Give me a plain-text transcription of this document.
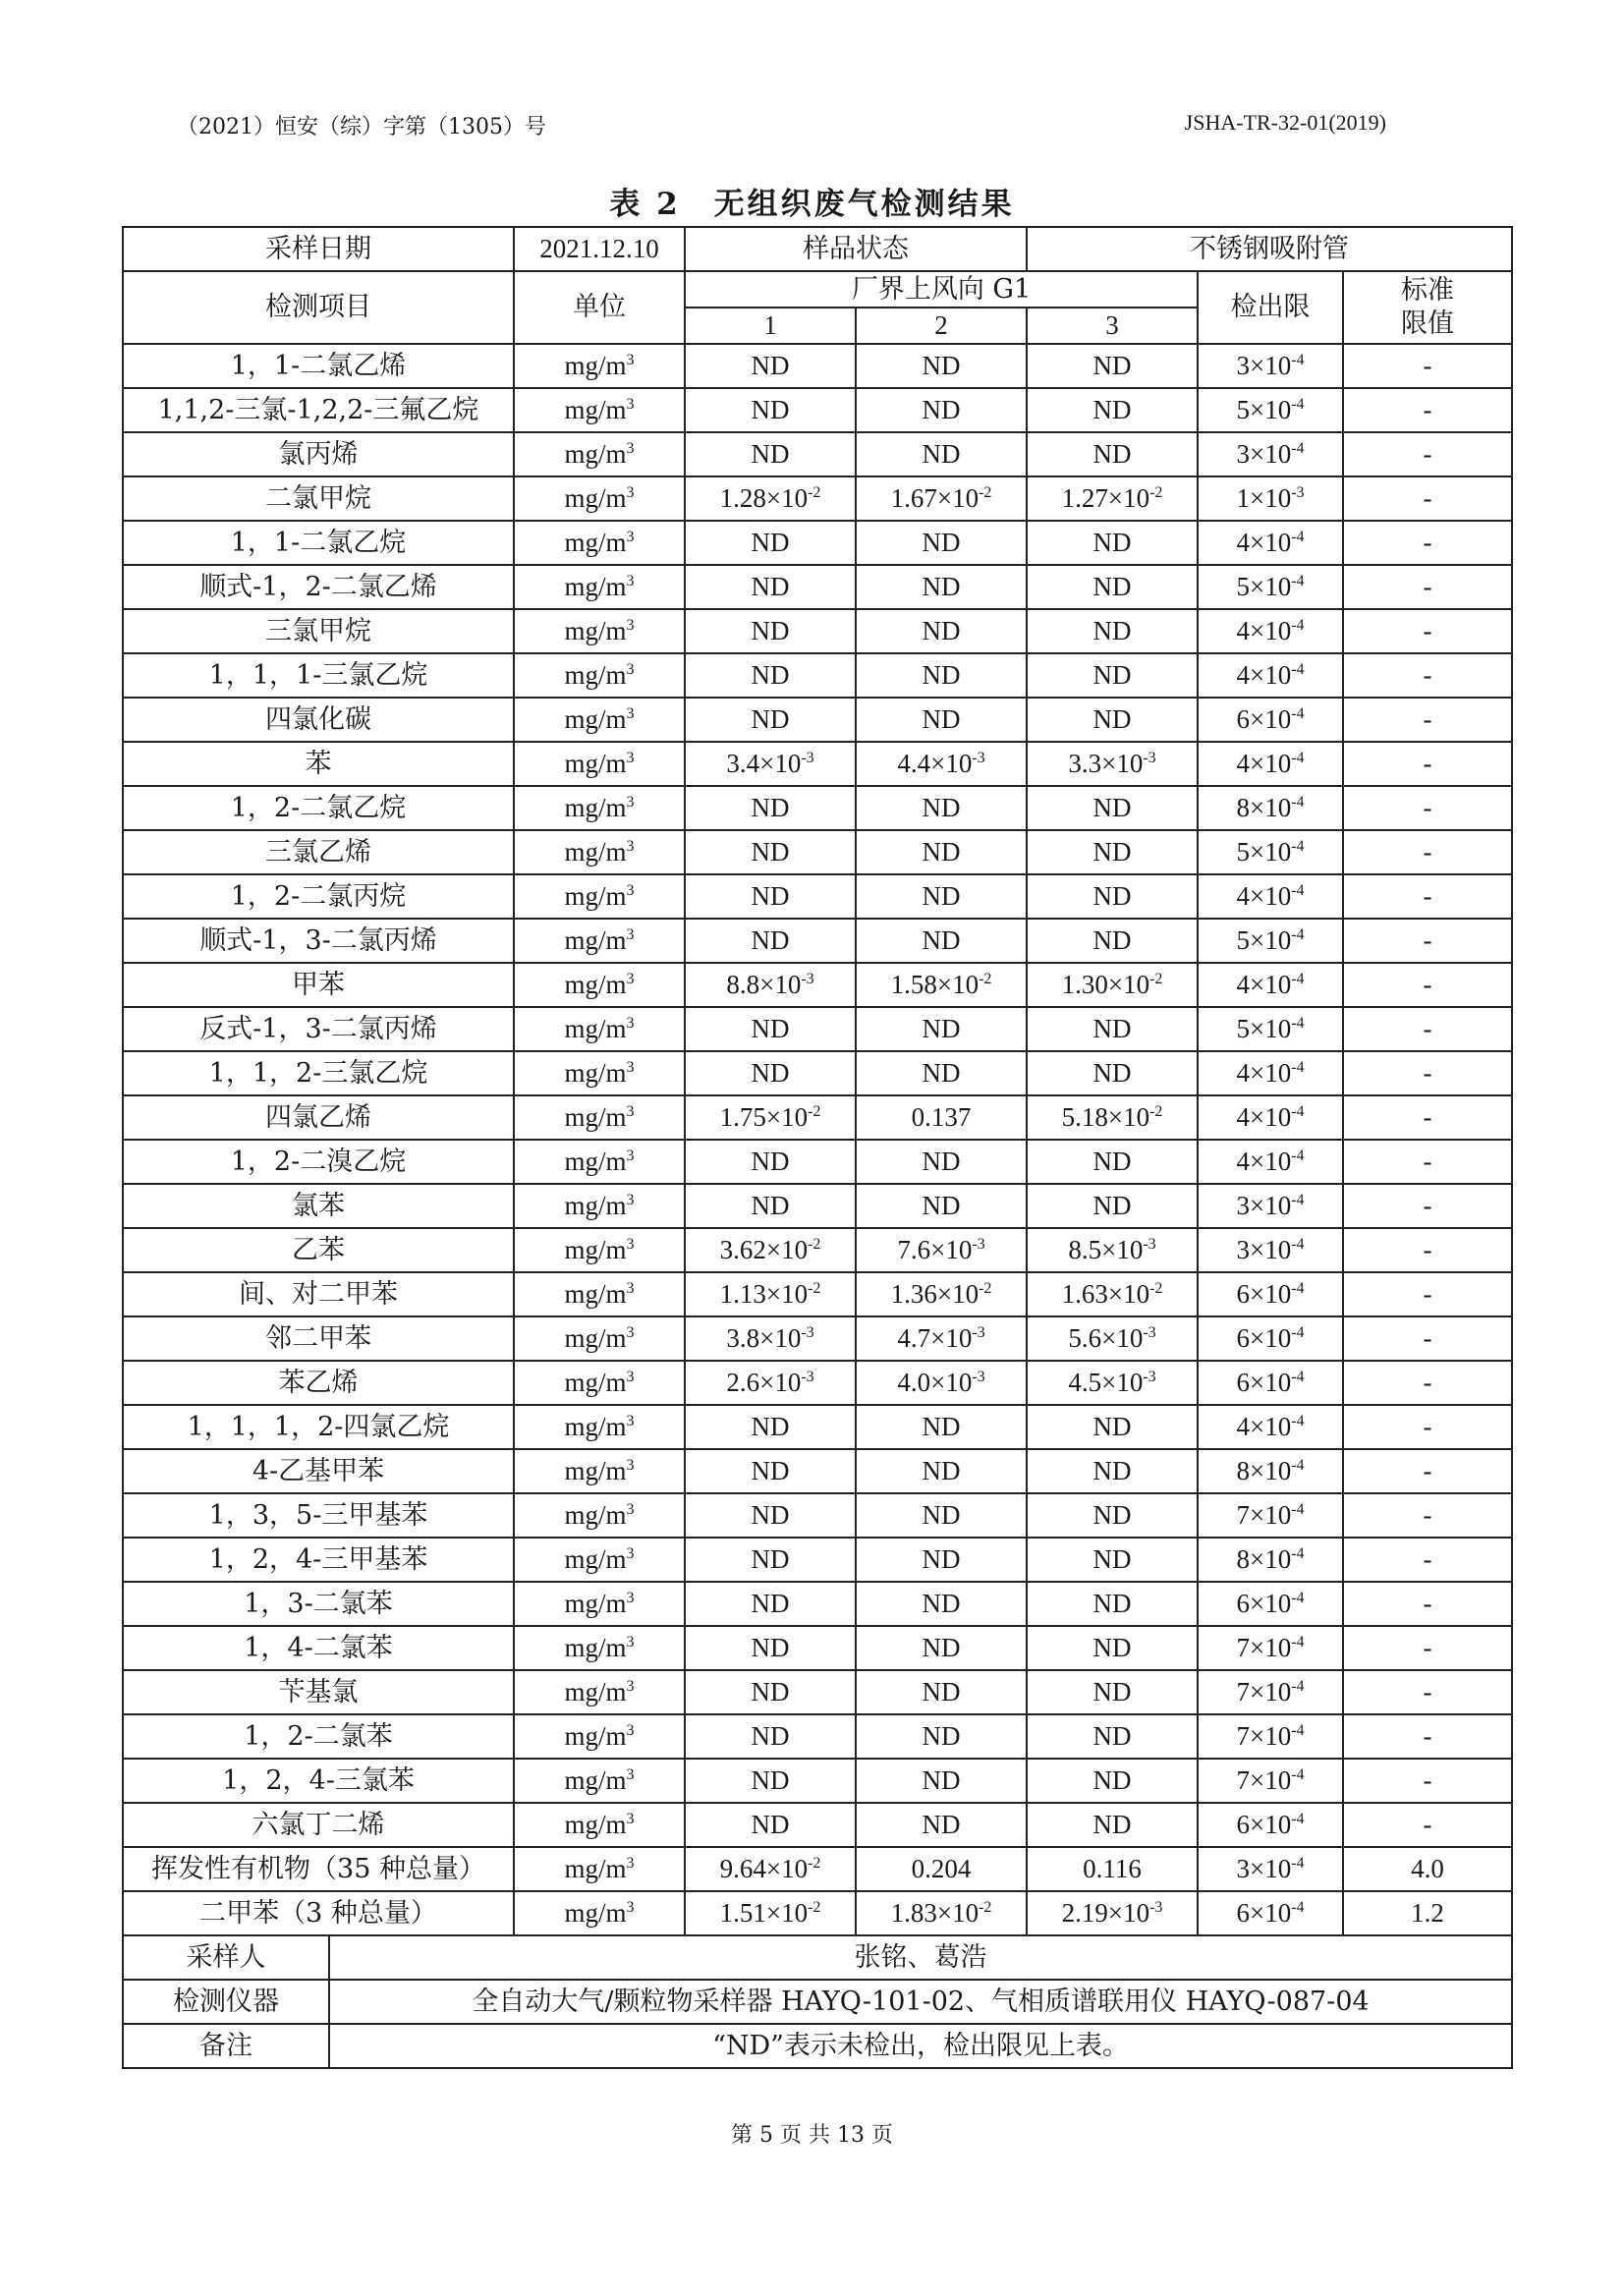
（2021）恒安（综）字第（1305）号	JSHA-TR-32-01(2019)
表 2　无组织废气检测结果
采样日期		2021.12.10	样品状态		不锈钢吸附管		
检测项目		单位	厂界上风向 G1			检出限	标准限值

			1	2	3		
1，1-二氯乙烯		$mg/m^3$	ND	ND	ND	$3\times 10^{-4}$	-
1,1,2-三氯-1,2,2-三氟乙烷		$mg/m^3$	ND	ND	ND	$5\times 10^{-4}$	-
氯丙烯		$mg/m^3$	ND	ND	ND	$3\times 10^{-4}$	-
二氯甲烷		$mg/m^3$	$1.28\times 10^{-2}$	$1.67\times 10^{-2}$	$1.27\times 10^{-2}$	$1\times 10^{-3}$	-
1，1-二氯乙烷		$mg/m^3$	ND	ND	ND	$4\times 10^{-4}$	-
顺式-1，2-二氯乙烯		$mg/m^3$	ND	ND	ND	$5\times 10^{-4}$	-
三氯甲烷		$mg/m^3$	ND	ND	ND	$4\times 10^{-4}$	-
1，1，1-三氯乙烷		$mg/m^3$	ND	ND	ND	$4\times 10^{-4}$	-
四氯化碳		$mg/m^3$	ND	ND	ND	$6\times 10^{-4}$	-
苯		$mg/m^3$	$3.4\times 10^{-3}$	$4.4\times 10^{-3}$	$3.3\times 10^{-3}$	$4\times 10^{-4}$	-
1，2-二氯乙烷		$mg/m^3$	ND	ND	ND	$8\times 10^{-4}$	-
三氯乙烯		$mg/m^3$	ND	ND	ND	$5\times 10^{-4}$	-
1，2-二氯丙烷		$mg/m^3$	ND	ND	ND	$4\times 10^{-4}$	-
顺式-1，3-二氯丙烯		$mg/m^3$	ND	ND	ND	$5\times 10^{-4}$	-
甲苯		$mg/m^3$	$8.8\times 10^{-3}$	$1.58\times 10^{-2}$	$1.30\times 10^{-2}$	$4\times 10^{-4}$	-
反式-1，3-二氯丙烯		$mg/m^3$	ND	ND	ND	$5\times 10^{-4}$	-
1，1，2-三氯乙烷		$mg/m^3$	ND	ND	ND	$4\times 10^{-4}$	-
四氯乙烯		$mg/m^3$	$1.75\times 10^{-2}$	0.137	$5.18\times 10^{-2}$	$4\times 10^{-4}$	-
1，2-二溴乙烷		$mg/m^3$	ND	ND	ND	$4\times 10^{-4}$	-
氯苯		$mg/m^3$	ND	ND	ND	$3\times 10^{-4}$	-
乙苯		$mg/m^3$	$3.62\times 10^{-2}$	$7.6\times 10^{-3}$	$8.5\times 10^{-3}$	$3\times 10^{-4}$	-
间、对二甲苯		$mg/m^3$	$1.13\times 10^{-2}$	$1.36\times 10^{-2}$	$1.63\times 10^{-2}$	$6\times 10^{-4}$	-
邻二甲苯		$mg/m^3$	$3.8\times 10^{-3}$	$4.7\times 10^{-3}$	$5.6\times 10^{-3}$	$6\times 10^{-4}$	-
苯乙烯		$mg/m^3$	$2.6\times 10^{-3}$	$4.0\times 10^{-3}$	$4.5\times 10^{-3}$	$6\times 10^{-4}$	-
1，1，1，2-四氯乙烷		$mg/m^3$	ND	ND	ND	$4\times 10^{-4}$	-
4-乙基甲苯		$mg/m^3$	ND	ND	ND	$8\times 10^{-4}$	-
1，3，5-三甲基苯		$mg/m^3$	ND	ND	ND	$7\times 10^{-4}$	-
1，2，4-三甲基苯		$mg/m^3$	ND	ND	ND	$8\times 10^{-4}$	-
1，3-二氯苯		$mg/m^3$	ND	ND	ND	$6\times 10^{-4}$	-
1，4-二氯苯		$mg/m^3$	ND	ND	ND	$7\times 10^{-4}$	-
苄基氯		$mg/m^3$	ND	ND	ND	$7\times 10^{-4}$	-
1，2-二氯苯		$mg/m^3$	ND	ND	ND	$7\times 10^{-4}$	-
1，2，4-三氯苯		$mg/m^3$	ND	ND	ND	$7\times 10^{-4}$	-
六氯丁二烯		$mg/m^3$	ND	ND	ND	$6\times 10^{-4}$	-
挥发性有机物（35 种总量）		$mg/m^3$	$9.64\times 10^{-2}$	0.204	0.116	$3\times 10^{-4}$	4.0
二甲苯（3 种总量）		$mg/m^3$	$1.51\times 10^{-2}$	$1.83\times 10^{-2}$	$2.19\times 10^{-3}$	$6\times 10^{-4}$	1.2
采样人	张铭、葛浩						
检测仪器	全自动大气/颗粒物采样器 HAYQ-101-02、气相质谱联用仪 HAYQ-087-04						
备注	“ND”表示未检出，检出限见上表。						
第 5 页 共 13 页
